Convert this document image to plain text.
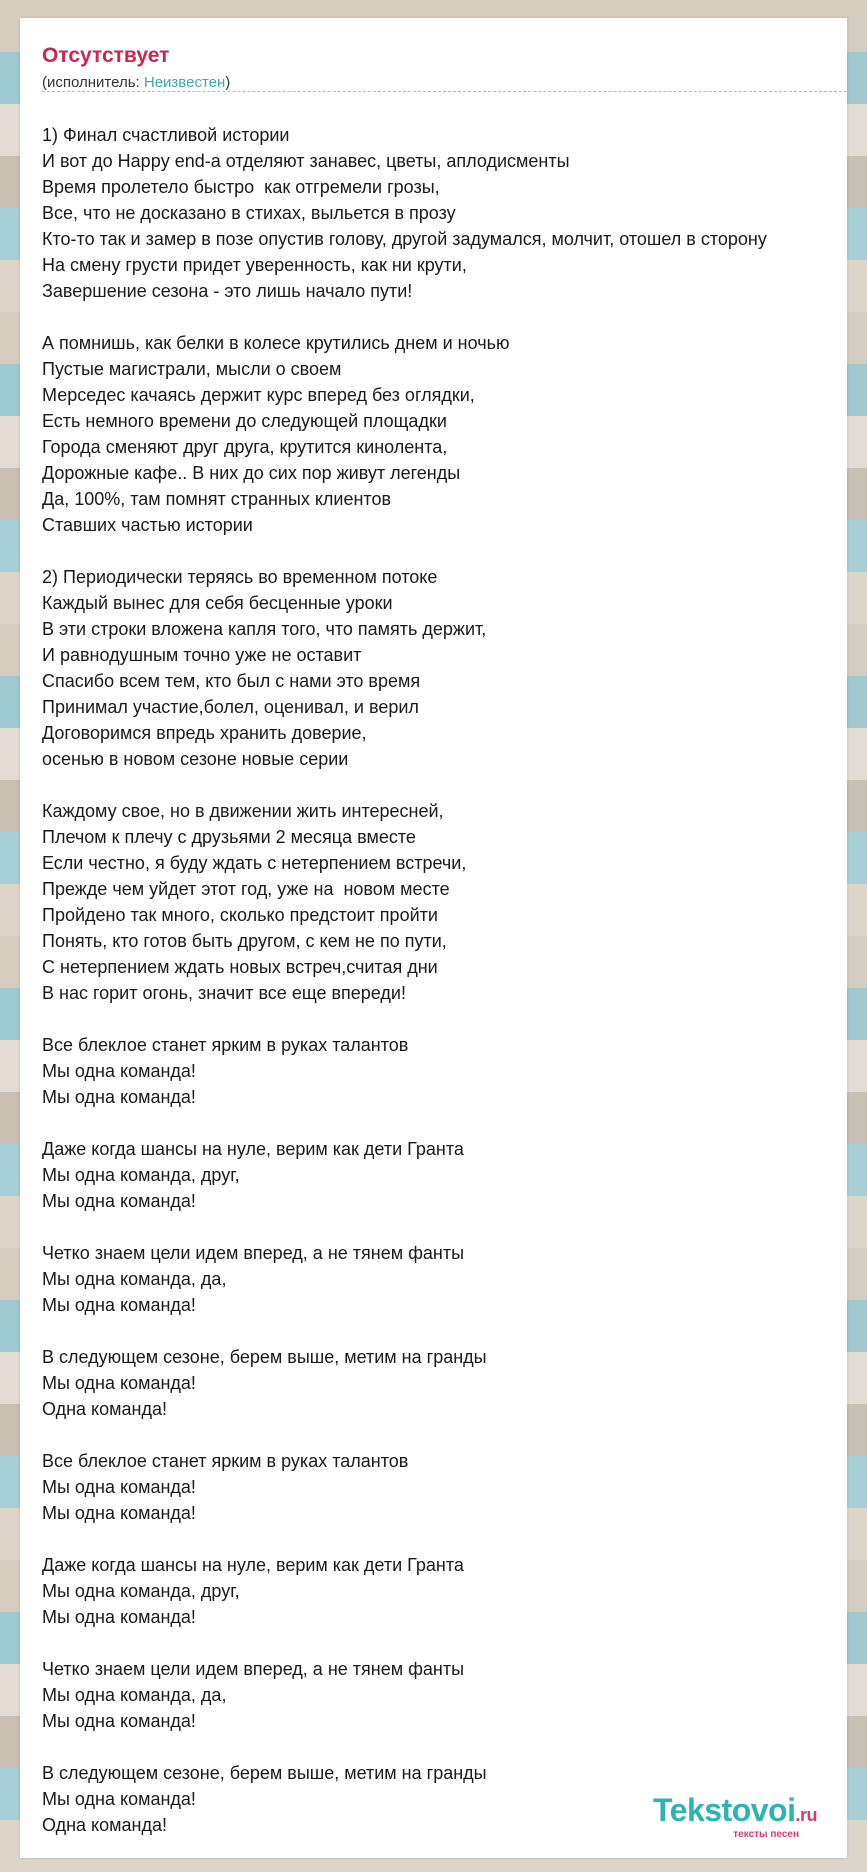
Отсутствует
(исполнитель: Неизвестен)
1) Финал счастливой истории
И вот до Happy end-а отделяют занавес, цветы, аплодисменты
Время пролетело быстро  как отгремели грозы,
Все, что не досказано в стихах, выльется в прозу
Кто-то так и замер в позе опустив голову, другой задумался, молчит, отошел в сторону
На смену грусти придет уверенность, как ни крути,
Завершение сезона - это лишь начало пути!

А помнишь, как белки в колесе крутились днем и ночью
Пустые магистрали, мысли о своем
Мерседес качаясь держит курс вперед без оглядки,
Есть немного времени до следующей площадки
Города сменяют друг друга, крутится кинолента,
Дорожные кафе.. В них до сих пор живут легенды
Да, 100%, там помнят странных клиентов
Ставших частью истории

2) Периодически теряясь во временном потоке
Каждый вынес для себя бесценные уроки
В эти строки вложена капля того, что память держит,
И равнодушным точно уже не оставит
Спасибо всем тем, кто был с нами это время
Принимал участие,болел, оценивал, и верил
Договоримся впредь хранить доверие,
осенью в новом сезоне новые серии

Каждому свое, но в движении жить интересней,
Плечом к плечу с друзьями 2 месяца вместе
Если честно, я буду ждать с нетерпением встречи,
Прежде чем уйдет этот год, уже на  новом месте
Пройдено так много, сколько предстоит пройти
Понять, кто готов быть другом, с кем не по пути,
С нетерпением ждать новых встреч,считая дни
В нас горит огонь, значит все еще впереди!

Все блеклое станет ярким в руках талантов
Мы одна команда!
Мы одна команда!

Даже когда шансы на нуле, верим как дети Гранта
Мы одна команда, друг,
Мы одна команда!

Четко знаем цели идем вперед, а не тянем фанты
Мы одна команда, да,
Мы одна команда!

В следующем сезоне, берем выше, метим на гранды
Мы одна команда!
Одна команда!

Все блеклое станет ярким в руках талантов
Мы одна команда!
Мы одна команда!

Даже когда шансы на нуле, верим как дети Гранта
Мы одна команда, друг,
Мы одна команда!

Четко знаем цели идем вперед, а не тянем фанты
Мы одна команда, да,
Мы одна команда!

В следующем сезоне, берем выше, метим на гранды
Мы одна команда!
Одна команда!	Tekstovoi.ru
тексты песен
